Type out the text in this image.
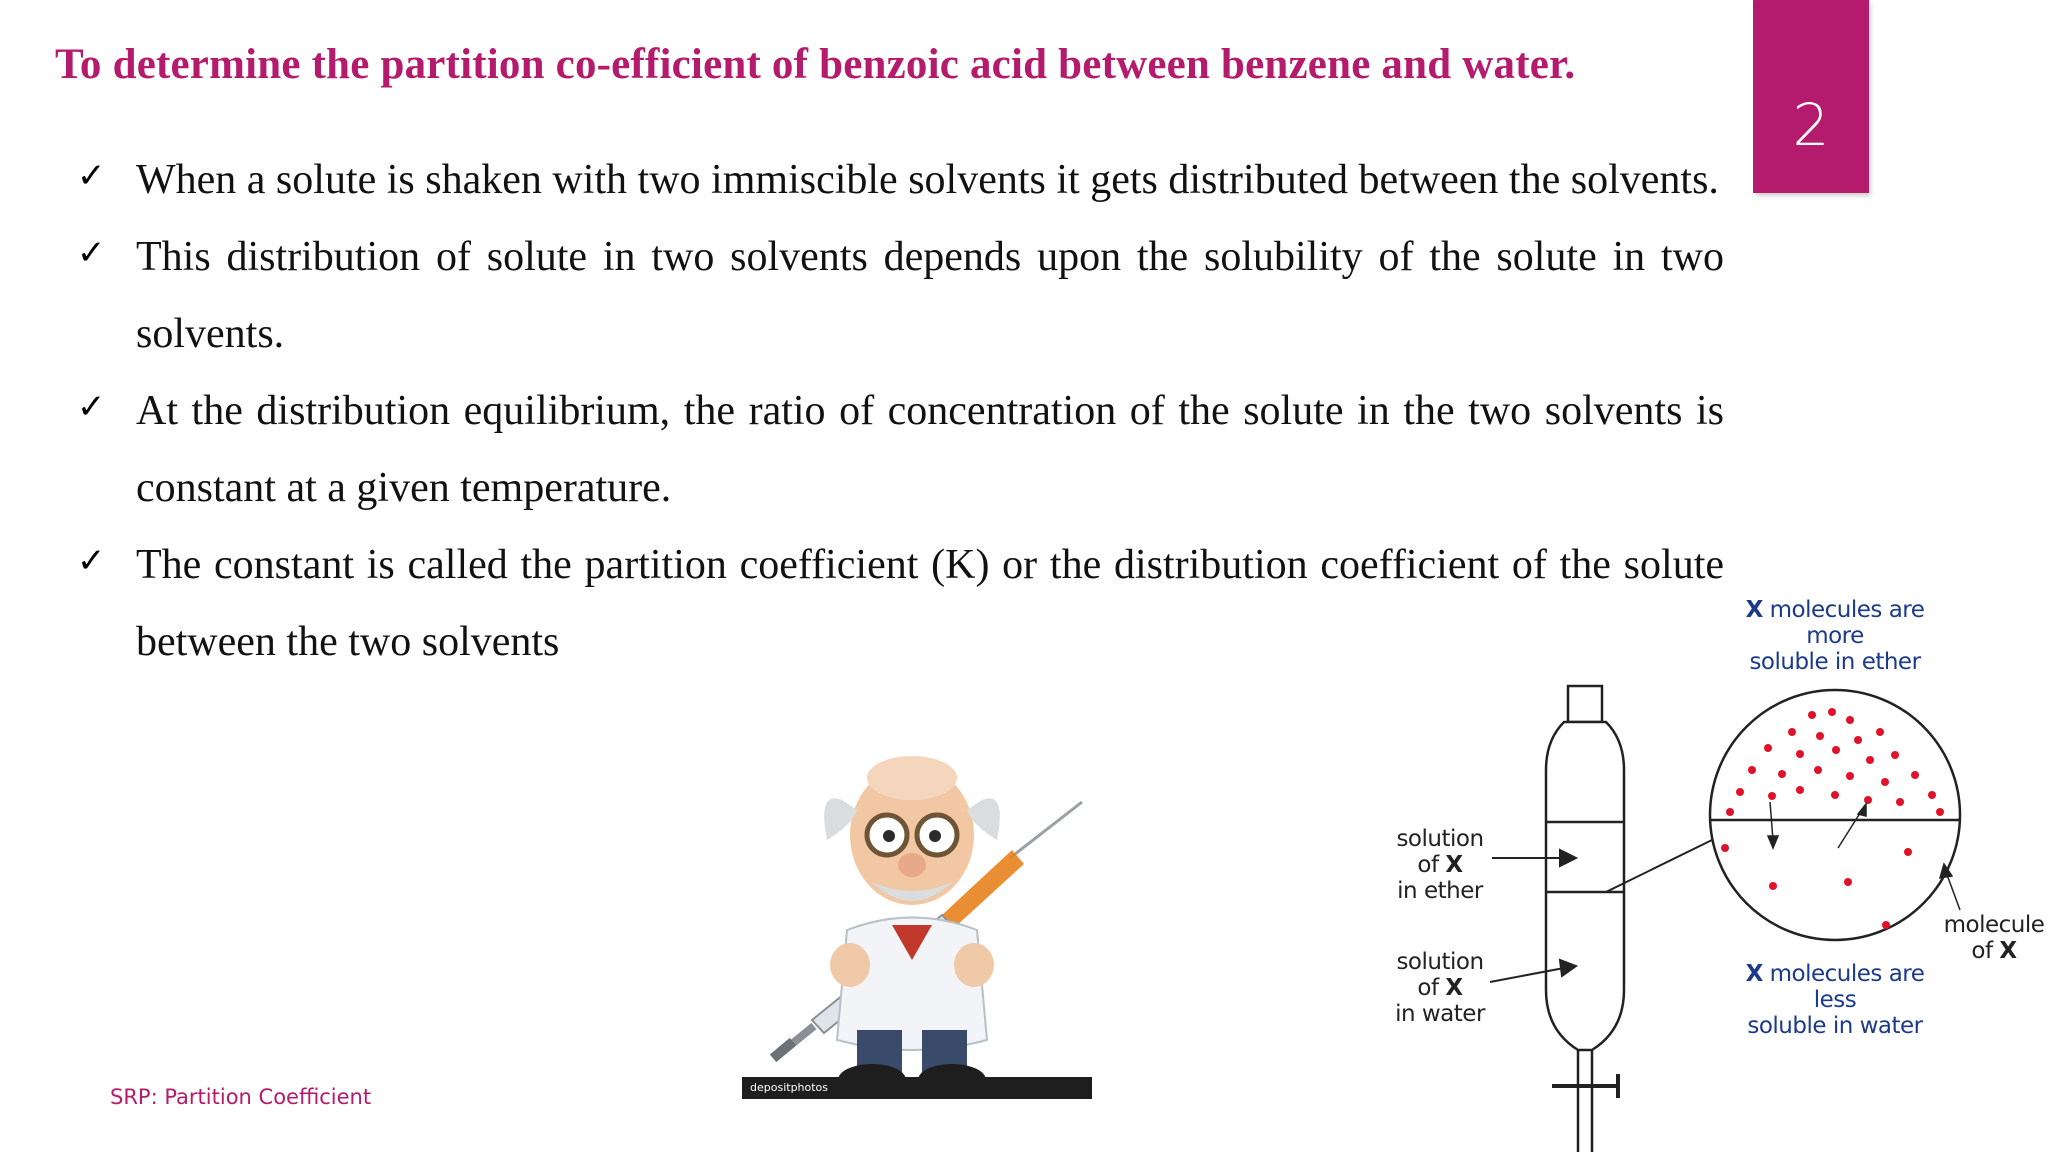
To determine the partition co-efficient of benzoic acid between benzene and water.
2
✓ When a solute is shaken with two immiscible solvents it gets distributed between the solvents.
✓ This distribution of solute in two solvents depends upon the solubility of the solute in two solvents.
✓ At the distribution equilibrium, the ratio of concentration of the solute in the two solvents is constant at a given temperature.
✓ The constant is called the partition coefficient (K) or the distribution coefficient of the solute between the two solvents
depositphotos
X molecules are
more
soluble in ether
X molecules are
less
soluble in water
solution
of X
in ether
solution
of X
in water
molecule
of X
SRP: Partition Coefficient
